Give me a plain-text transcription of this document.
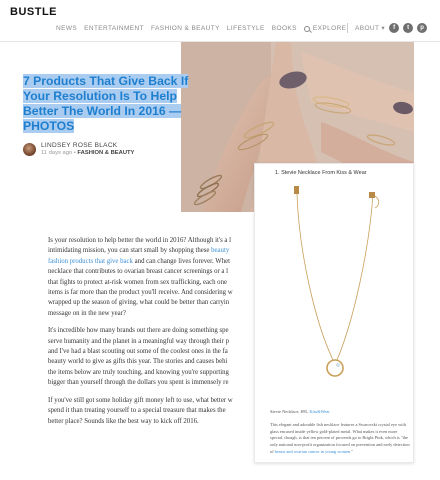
BUSTLE
NEWS ENTERTAINMENT FASHION & BEAUTY LIFESTYLE BOOKS EXPLORE ABOUT ▾	f	t	p
7 Products That Give Back If
Your Resolution Is To Help
Better The World In 2016 —
PHOTOS
LINDSEY ROSE BLACK
11 days ago • FASHION & BEAUTY

Is your resolution to help better the world in 2016? Although it's a l
intimidating mission, you can start small by shopping these beauty
fashion products that give back and can change lives forever. Whet
necklace that contributes to ovarian breast cancer screenings or a l
that fights to protect at-risk women from sex trafficking, each one
items is far more than the product you'll receive. And considering w
wrapped up the season of giving, what could be better than carryin
message on in the new year?

It's incredible how many brands out there are doing something spe
serve humanity and the planet in a meaningful way through their p
and I've had a blast scouting out some of the coolest ones in the fa
beauty world to give as gifts this year. The stories and causes behi
the items below are truly touching, and knowing you're supporting
bigger than yourself through the dollars you spent is immensely re

If you've still got some holiday gift money left to use, what better w
spend it than treating yourself to a special treasure that makes the
better place? Sounds like the best way to kick off 2016.

1. Stevie Necklace From Kiss & Wear
Stevie Necklace, $95, Kiss&Wear
This elegant and adorable fish necklace features a Swarovski crystal eye with glass encased inside yellow gold-plated metal. What makes it even more special, though, is that ten percent of proceeds go to Bright Pink, which is "the only national non-profit organization focused on prevention and early detection of breast and ovarian cancer in young women."
